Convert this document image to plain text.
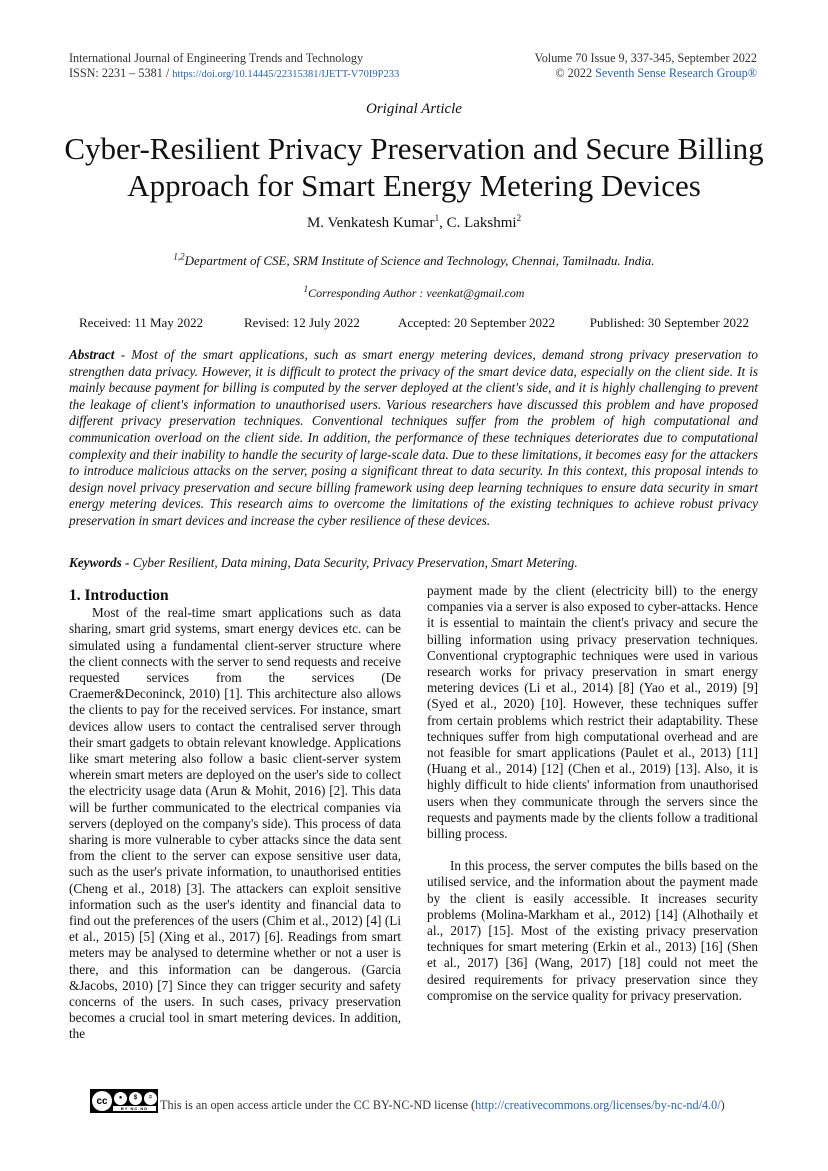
International Journal of Engineering Trends and Technology
ISSN: 2231 – 5381 / https://doi.org/10.14445/22315381/IJETT-V70I9P233
Volume 70 Issue 9, 337-345, September 2022
© 2022 Seventh Sense Research Group®
Original Article
Cyber-Resilient Privacy Preservation and Secure Billing Approach for Smart Energy Metering Devices
M. Venkatesh Kumar$^1$, C. Lakshmi$^2$
$^{1,2}$Department of CSE, SRM Institute of Science and Technology, Chennai, Tamilnadu. India.
$^1$Corresponding Author : veenkat@gmail.com
Received: 11 May 2022	Revised: 12 July 2022	Accepted: 20 September 2022	Published: 30 September 2022
Abstract - Most of the smart applications, such as smart energy metering devices, demand strong privacy preservation to strengthen data privacy. However, it is difficult to protect the privacy of the smart device data, especially on the client side. It is mainly because payment for billing is computed by the server deployed at the client's side, and it is highly challenging to prevent the leakage of client's information to unauthorised users. Various researchers have discussed this problem and have proposed different privacy preservation techniques. Conventional techniques suffer from the problem of high computational and communication overload on the client side. In addition, the performance of these techniques deteriorates due to computational complexity and their inability to handle the security of large-scale data. Due to these limitations, it becomes easy for the attackers to introduce malicious attacks on the server, posing a significant threat to data security. In this context, this proposal intends to design novel privacy preservation and secure billing framework using deep learning techniques to ensure data security in smart energy metering devices. This research aims to overcome the limitations of the existing techniques to achieve robust privacy preservation in smart devices and increase the cyber resilience of these devices.
Keywords - Cyber Resilient, Data mining, Data Security, Privacy Preservation, Smart Metering.
1. Introduction

Most of the real-time smart applications such as data sharing, smart grid systems, smart energy devices etc. can be simulated using a fundamental client-server structure where the client connects with the server to send requests and receive requested services from the services (De Craemer&Deconinck, 2010) [1]. This architecture also allows the clients to pay for the received services. For instance, smart devices allow users to contact the centralised server through their smart gadgets to obtain relevant knowledge. Applications like smart metering also follow a basic client-server system wherein smart meters are deployed on the user's side to collect the electricity usage data (Arun & Mohit, 2016) [2]. This data will be further communicated to the electrical companies via servers (deployed on the company's side). This process of data sharing is more vulnerable to cyber attacks since the data sent from the client to the server can expose sensitive user data, such as the user's private information, to unauthorised entities (Cheng et al., 2018) [3]. The attackers can exploit sensitive information such as the user's identity and financial data to find out the preferences of the users (Chim et al., 2012) [4] (Li et al., 2015) [5] (Xing et al., 2017) [6]. Readings from smart meters may be analysed to determine whether or not a user is there, and this information can be dangerous. (Garcia &Jacobs, 2010) [7] Since they can trigger security and safety concerns of the users. In such cases, privacy preservation becomes a crucial tool in smart metering devices. In addition, the

payment made by the client (electricity bill) to the energy companies via a server is also exposed to cyber-attacks. Hence it is essential to maintain the client's privacy and secure the billing information using privacy preservation techniques. Conventional cryptographic techniques were used in various research works for privacy preservation in smart energy metering devices (Li et al., 2014) [8] (Yao et al., 2019) [9] (Syed et al., 2020) [10]. However, these techniques suffer from certain problems which restrict their adaptability. These techniques suffer from high computational overhead and are not feasible for smart applications (Paulet et al., 2013) [11] (Huang et al., 2014) [12] (Chen et al., 2019) [13]. Also, it is highly difficult to hide clients' information from unauthorised users when they communicate through the servers since the requests and payments made by the clients follow a traditional billing process.

In this process, the server computes the bills based on the utilised service, and the information about the payment made by the client is easily accessible. It increases security problems (Molina-Markham et al., 2012) [14] (Alhothaily et al., 2017) [15]. Most of the existing privacy preservation techniques for smart metering (Erkin et al., 2013) [16] (Shen et al., 2017) [36] (Wang, 2017) [18] could not meet the desired requirements for privacy preservation since they compromise on the service quality for privacy preservation.

cc	●	$	=
BY NC ND This is an open access article under the CC BY-NC-ND license ( http://creativecommons.org/licenses/by-nc-nd/4.0/ )
